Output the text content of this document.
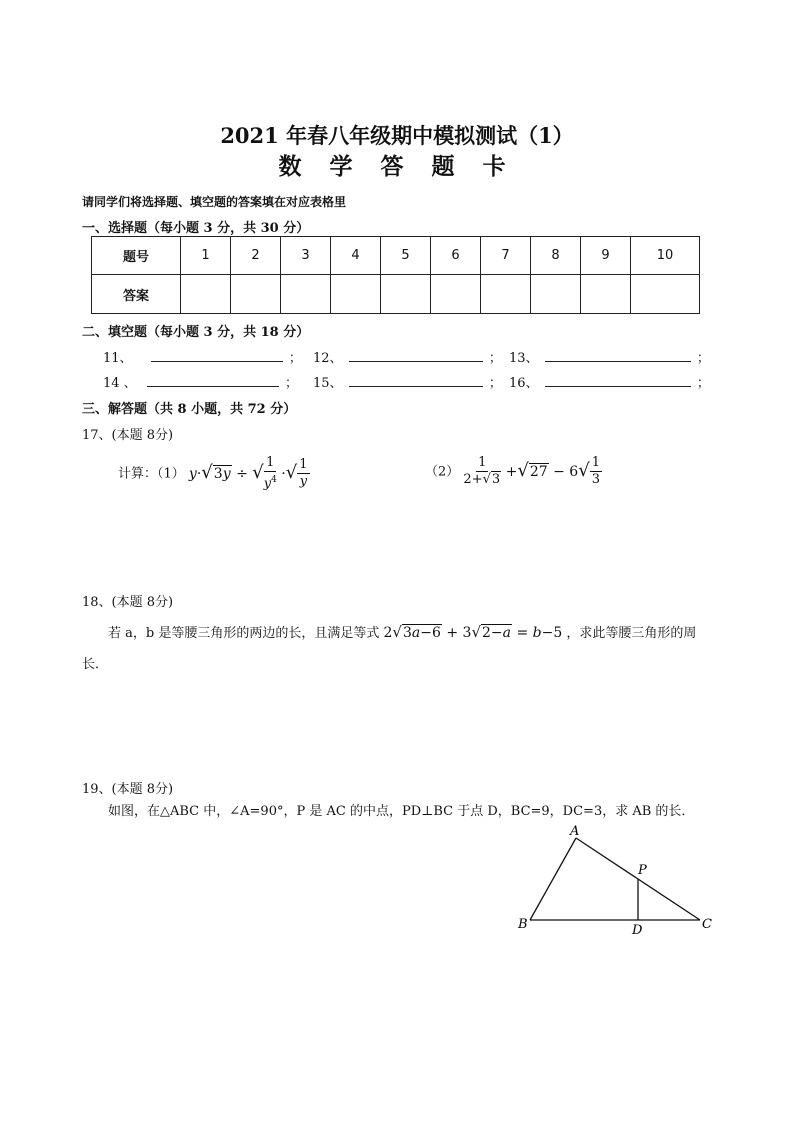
2021 年春八年级期中模拟测试（1）
数 学 答 题 卡
请同学们将选择题、填空题的答案填在对应表格里
一、选择题（每小题 3 分，共 30 分）
题号	1	2	3	4	5	6	7	8	9	10
答案										
二、填空题（每小题 3 分，共 18 分）
11、	； 12、	； 13、	；
14 、	； 15、	； 16、	；
三、解答题（共 8 小题，共 72 分）
17、(本题 8分)
计算：（1） y·√3y ÷ √ $\frac{1}{y^4}$ ·√ $\frac{1}{y}$	$(2) \frac{1}{2+√3} +√27 - 6√ \frac{1}{3}$
18、(本题 8分)
若 a，b 是等腰三角形的两边的长，且满足等式 2√3a−6 + 3√2−a = b−5 ，求此等腰三角形的周
长．
19、(本题 8分)
如图，在△ABC 中，∠A=90°，P 是 AC 的中点，PD⊥BC 于点 D，BC=9，DC=3，求 AB 的长．
A
B	C
D
P
